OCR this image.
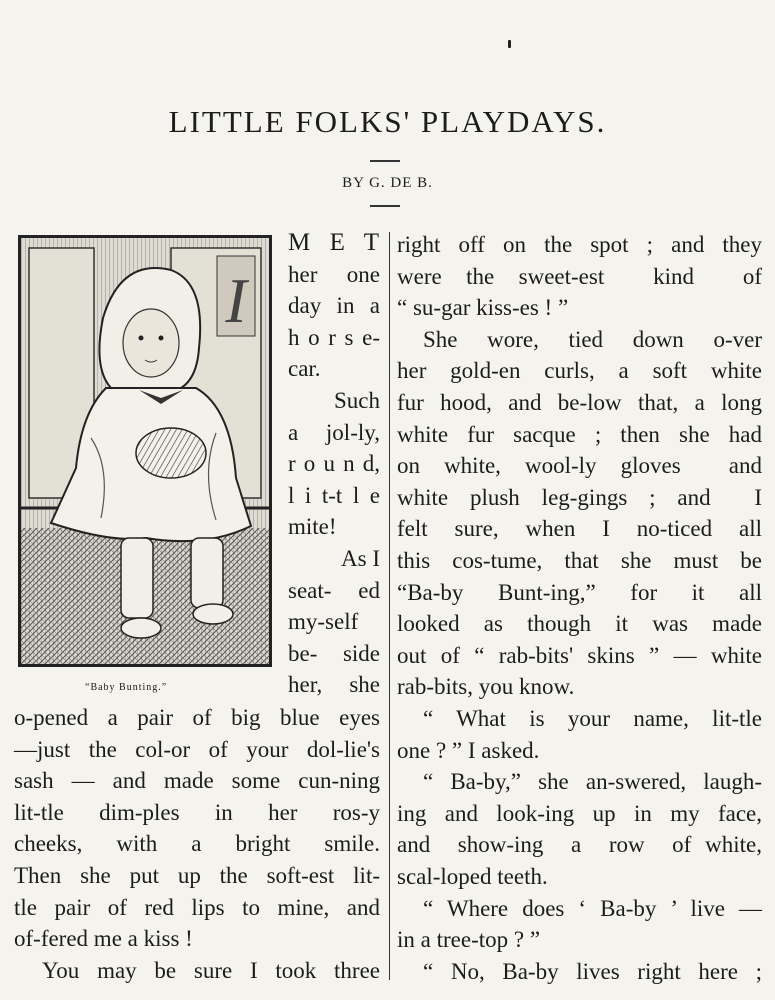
LITTLE FOLKS' PLAYDAYS.
BY G. DE B.
I
“Baby Bunting.”
M E T
her one
day in a
h o r s e-
car.
Such
a jol-ly,
r o u n d,
l i t-t l e
mite!
As I
seat- ed
my-self
be- side
her, she
o-pened a pair of big blue eyes
—just the col-or of your dol-lie's
sash — and made some cun-ning
lit-tle  dim-ples  in  her  ros-y
cheeks, with a bright smile.
Then she put up the soft-est lit-
tle pair of red lips to mine, and
of-fered me a kiss !
You may be sure I took three
right off on the spot ; and they
were the sweet-est  kind  of
“ su-gar kiss-es ! ”
She wore, tied down o-ver
her gold-en curls, a soft white
fur hood, and be-low that, a long
white fur sacque ; then she had
on white, wool-ly gloves  and
white plush leg-gings ; and  I
felt sure, when I no-ticed all
this cos-tume, that she must be
“Ba-by Bunt-ing,” for it all
looked as though it was made
out of “ rab-bits' skins ” — white
rab-bits, you know.
“ What is your name, lit-tle
one ? ” I asked.
“ Ba-by,” she an-swered, laugh-
ing and look-ing up in my face,
and  show-ing  a  row  of white,
scal-loped teeth.
“ Where does ‘ Ba-by ’ live —
in a tree-top ? ”
“ No, Ba-by lives right here ;
